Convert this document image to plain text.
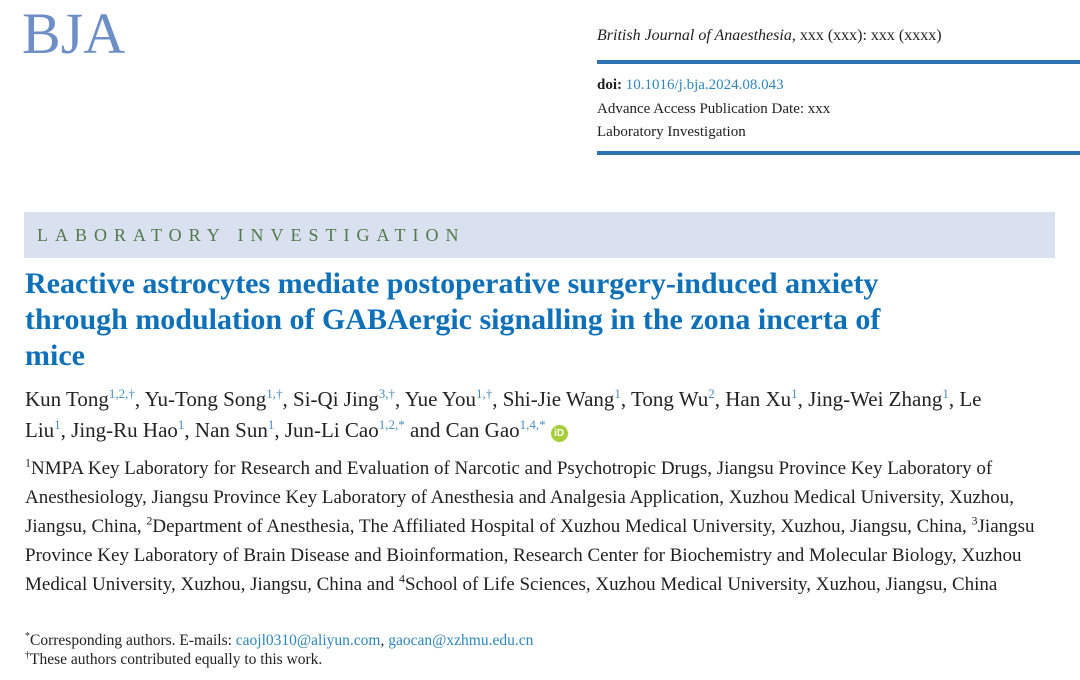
BJA	British Journal of Anaesthesia, xxx (xxx): xxx (xxxx)
doi: 10.1016/j.bja.2024.08.043
Advance Access Publication Date: xxx
Laboratory Investigation
LABORATORY INVESTIGATION
Reactive astrocytes mediate postoperative surgery-induced anxiety
through modulation of GABAergic signalling in the zona incerta of
mice

Kun Tong$^{1,2,\dagger}$, Yu-Tong Song$^{1,\dagger}$, Si-Qi Jing$^{3,\dagger}$, Yue You$^{1,\dagger}$, Shi-Jie Wang$^1$, Tong Wu$^2$, Han Xu$^1$, Jing-Wei Zhang$^1$, Le Liu$^1$, Jing-Ru Hao$^1$, Nan Sun$^1$, Jun-Li Cao$^{1,2,*}$ and Can Gao$^{1,4,*}$iD

$^1$NMPA Key Laboratory for Research and Evaluation of Narcotic and Psychotropic Drugs, Jiangsu Province Key Laboratory of Anesthesiology, Jiangsu Province Key Laboratory of Anesthesia and Analgesia Application, Xuzhou Medical University, Xuzhou, Jiangsu, China, $^2$Department of Anesthesia, The Affiliated Hospital of Xuzhou Medical University, Xuzhou, Jiangsu, China, $^3$Jiangsu Province Key Laboratory of Brain Disease and Bioinformation, Research Center for Biochemistry and Molecular Biology, Xuzhou Medical University, Xuzhou, Jiangsu, China and $^4$School of Life Sciences, Xuzhou Medical University, Xuzhou, Jiangsu, China

*Corresponding authors. E-mails: caojl0310@aliyun.com, gaocan@xzhmu.edu.cn

†These authors contributed equally to this work.
